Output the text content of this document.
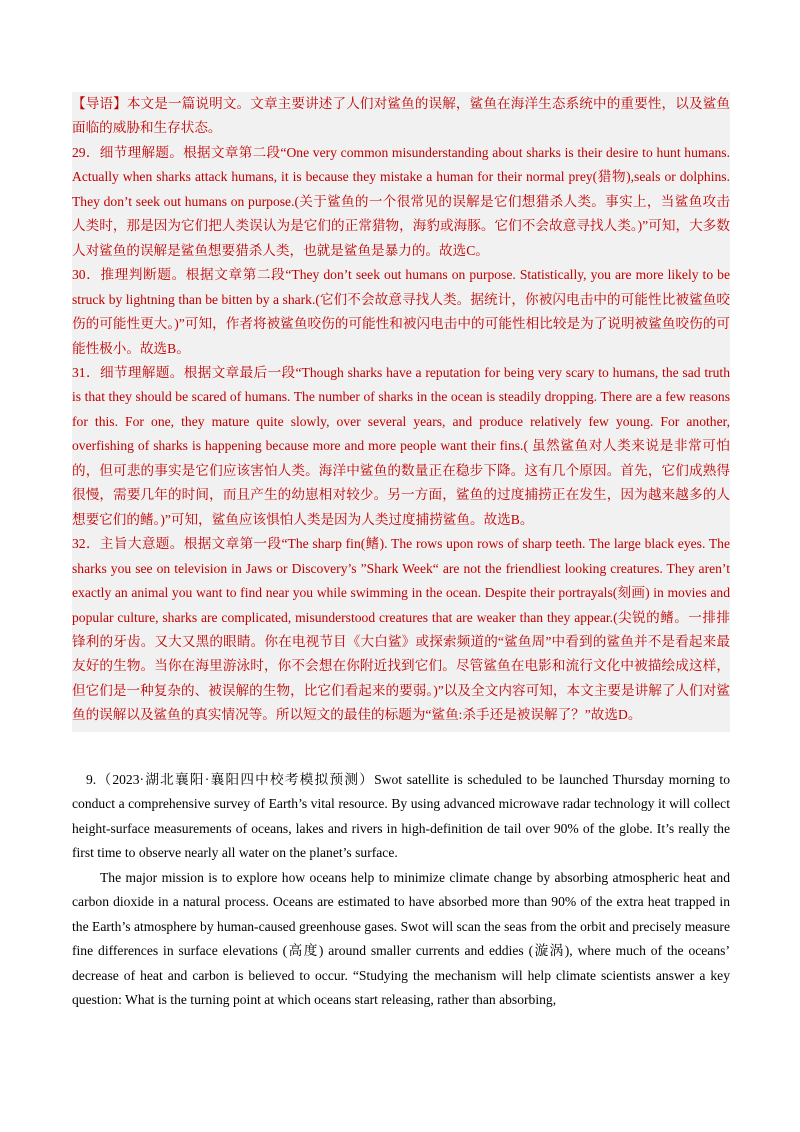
【导语】本文是一篇说明文。文章主要讲述了人们对鲨鱼的误解，鲨鱼在海洋生态系统中的重要性，以及鲨鱼面临的威胁和生存状态。

29．细节理解题。根据文章第二段“One very common misunderstanding about sharks is their desire to hunt humans. Actually when sharks attack humans, it is because they mistake a human for their normal prey(猎物),seals or dolphins. They don’t seek out humans on purpose.(关于鲨鱼的一个很常见的误解是它们想猎杀人类。事实上，当鲨鱼攻击人类时，那是因为它们把人类误认为是它们的正常猎物，海豹或海豚。它们不会故意寻找人类。)”可知，大多数人对鲨鱼的误解是鲨鱼想要猎杀人类，也就是鲨鱼是暴力的。故选C。

30．推理判断题。根据文章第二段“They don’t seek out humans on purpose. Statistically, you are more likely to be struck by lightning than be bitten by a shark.(它们不会故意寻找人类。据统计，你被闪电击中的可能性比被鲨鱼咬伤的可能性更大。)”可知，作者将被鲨鱼咬伤的可能性和被闪电击中的可能性相比较是为了说明被鲨鱼咬伤的可能性极小。故选B。

31．细节理解题。根据文章最后一段“Though sharks have a reputation for being very scary to humans, the sad truth is that they should be scared of humans. The number of sharks in the ocean is steadily dropping. There are a few reasons for this. For one, they mature quite slowly, over several years, and produce relatively few young. For another, overfishing of sharks is happening because more and more people want their fins.( 虽然鲨鱼对人类来说是非常可怕的，但可悲的事实是它们应该害怕人类。海洋中鲨鱼的数量正在稳步下降。这有几个原因。首先，它们成熟得很慢，需要几年的时间，而且产生的幼崽相对较少。另一方面，鲨鱼的过度捕捞正在发生，因为越来越多的人想要它们的鳍。)”可知，鲨鱼应该惧怕人类是因为人类过度捕捞鲨鱼。故选B。

32．主旨大意题。根据文章第一段“The sharp fin(鳍). The rows upon rows of sharp teeth. The large black eyes. The sharks you see on television in Jaws or Discovery’s ”Shark Week“ are not the friendliest looking creatures. They aren’t exactly an animal you want to find near you while swimming in the ocean. Despite their portrayals(刻画) in movies and popular culture, sharks are complicated, misunderstood creatures that are weaker than they appear.(尖锐的鳍。一排排锋利的牙齿。又大又黑的眼睛。你在电视节目《大白鲨》或探索频道的“鲨鱼周”中看到的鲨鱼并不是看起来最友好的生物。当你在海里游泳时，你不会想在你附近找到它们。尽管鲨鱼在电影和流行文化中被描绘成这样，但它们是一种复杂的、被误解的生物，比它们看起来的要弱。)”以及全文内容可知，本文主要是讲解了人们对鲨鱼的误解以及鲨鱼的真实情况等。所以短文的最佳的标题为“鲨鱼:杀手还是被误解了？”故选D。

9.（2023·湖北襄阳·襄阳四中校考模拟预测）Swot satellite is scheduled to be launched Thursday morning to conduct a comprehensive survey of Earth’s vital resource. By using advanced microwave radar technology it will collect height-surface measurements of oceans, lakes and rivers in high-definition de tail over 90% of the globe. It’s really the first time to observe nearly all water on the planet’s surface.

The major mission is to explore how oceans help to minimize climate change by absorbing atmospheric heat and carbon dioxide in a natural process. Oceans are estimated to have absorbed more than 90% of the extra heat trapped in the Earth’s atmosphere by human-caused greenhouse gases. Swot will scan the seas from the orbit and precisely measure fine differences in surface elevations (高度) around smaller currents and eddies (漩涡), where much of the oceans’ decrease of heat and carbon is believed to occur. “Studying the mechanism will help climate scientists answer a key question: What is the turning point at which oceans start releasing, rather than absorbing,
